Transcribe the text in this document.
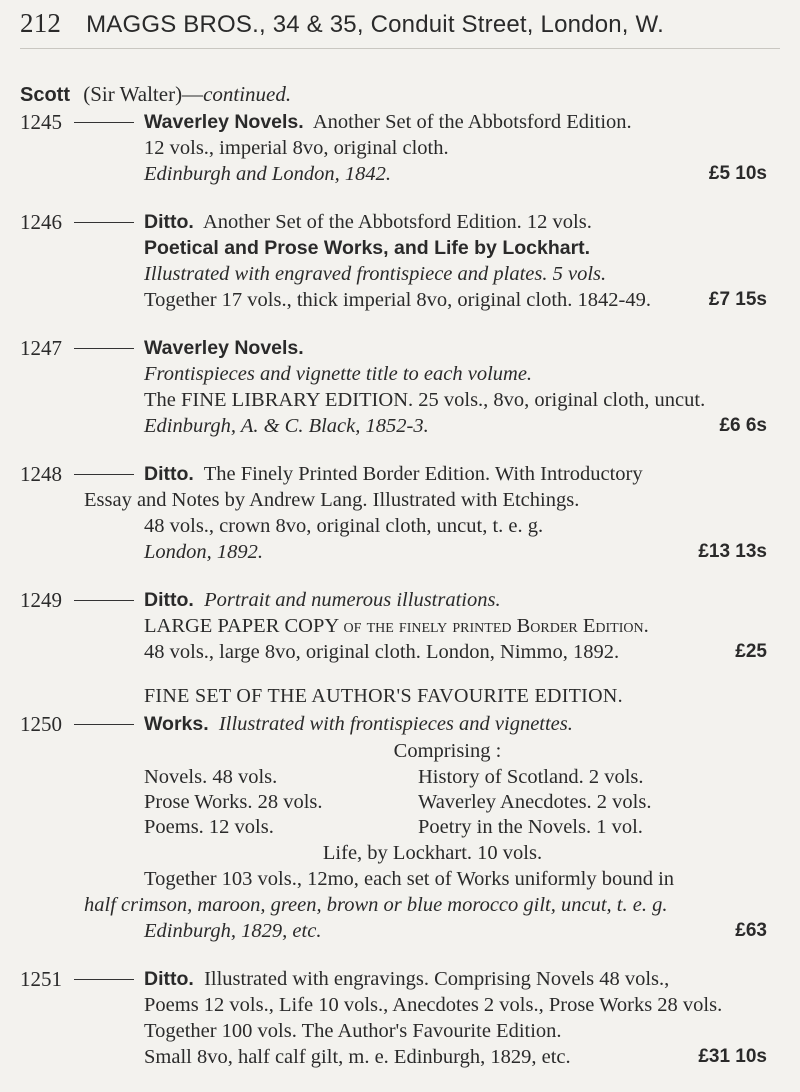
212 MAGGS BROS., 34 & 35, Conduit Street, London, W.
Scott (Sir Walter)—continued.
1245	Waverley Novels. Another Set of the Abbotsford Edition.
12 vols., imperial 8vo, original cloth.
Edinburgh and London, 1842.	£5 10s
1246	Ditto. Another Set of the Abbotsford Edition. 12 vols.
Poetical and Prose Works, and Life by Lockhart.
Illustrated with engraved frontispiece and plates. 5 vols.
Together 17 vols., thick imperial 8vo, original cloth. 1842-49.	£7 15s
1247	Waverley Novels.
Frontispieces and vignette title to each volume.
The FINE LIBRARY EDITION. 25 vols., 8vo, original cloth, uncut.
Edinburgh, A. & C. Black, 1852-3.	£6 6s
1248	Ditto. The Finely Printed Border Edition. With Introductory
Essay and Notes by Andrew Lang. Illustrated with Etchings.
48 vols., crown 8vo, original cloth, uncut, t. e. g.
London, 1892.	£13 13s
1249	Ditto. Portrait and numerous illustrations.
LARGE PAPER COPY of the finely printed Border Edition.
48 vols., large 8vo, original cloth. London, Nimmo, 1892.	£25
FINE SET OF THE AUTHOR'S FAVOURITE EDITION.
1250	Works. Illustrated with frontispieces and vignettes.
Comprising :
Novels. 48 vols.	History of Scotland. 2 vols.
Prose Works. 28 vols.	Waverley Anecdotes. 2 vols.
Poems. 12 vols.	Poetry in the Novels. 1 vol.
Life, by Lockhart. 10 vols.
Together 103 vols., 12mo, each set of Works uniformly bound in
half crimson, maroon, green, brown or blue morocco gilt, uncut, t. e. g.
Edinburgh, 1829, etc.	£63
1251	Ditto. Illustrated with engravings. Comprising Novels 48 vols.,
Poems 12 vols., Life 10 vols., Anecdotes 2 vols., Prose Works 28 vols.
Together 100 vols. The Author's Favourite Edition.
Small 8vo, half calf gilt, m. e. Edinburgh, 1829, etc.	£31 10s
